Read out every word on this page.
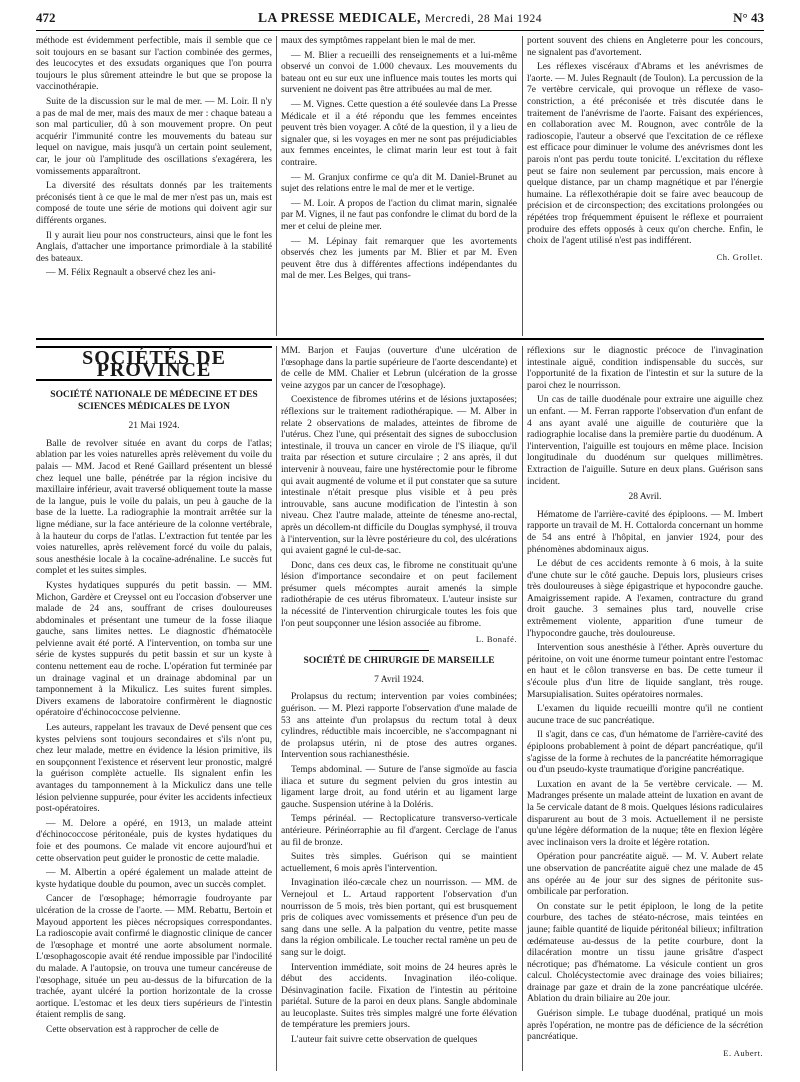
472	LA PRESSE MEDICALE, Mercredi, 28 Mai 1924	N° 43

méthode est évidemment perfectible, mais il semble que ce soit toujours en se basant sur l'action combinée des germes, des leucocytes et des exsudats organiques que l'on pourra toujours le plus sûrement atteindre le but que se propose la vaccinothérapie.

Suite de la discussion sur le mal de mer. — M. Loir. Il n'y a pas de mal de mer, mais des maux de mer : chaque bateau a son mal particulier, dû à son mouvement propre. On peut acquérir l'immunité contre les mouvements du bateau sur lequel on navigue, mais jusqu'à un certain point seulement, car, le jour où l'amplitude des oscillations s'exagérera, les vomissements apparaîtront.

La diversité des résultats donnés par les traitements préconisés tient à ce que le mal de mer n'est pas un, mais est composé de toute une série de motions qui doivent agir sur différents organes.

Il y aurait lieu pour nos constructeurs, ainsi que le font les Anglais, d'attacher une importance primordiale à la stabilité des bateaux.

— M. Félix Regnault a observé chez les ani-

maux des symptômes rappelant bien le mal de mer.

— M. Blier a recueilli des renseignements et a lui-même observé un convoi de 1.000 chevaux. Les mouvements du bateau ont eu sur eux une influence mais toutes les morts qui survenient ne doivent pas être attribuées au mal de mer.

— M. Vignes. Cette question a été soulevée dans La Presse Médicale et il a été répondu que les femmes enceintes peuvent très bien voyager. A côté de la question, il y a lieu de signaler que, si les voyages en mer ne sont pas préjudiciables aux femmes enceintes, le climat marin leur est tout à fait contraire.

— M. Granjux confirme ce qu'a dit M. Daniel-Brunet au sujet des relations entre le mal de mer et le vertige.

— M. Loir. A propos de l'action du climat marin, signalée par M. Vignes, il ne faut pas confondre le climat du bord de la mer et celui de pleine mer.

— M. Lépinay fait remarquer que les avortements observés chez les juments par M. Blier et par M. Even peuvent être dus à différentes affections indépendantes du mal de mer. Les Belges, qui trans-

portent souvent des chiens en Angleterre pour les concours, ne signalent pas d'avortement.

Les réflexes viscéraux d'Abrams et les anévrismes de l'aorte. — M. Jules Regnault (de Toulon). La percussion de la 7e vertèbre cervicale, qui provoque un réflexe de vaso-constriction, a été préconisée et très discutée dans le traitement de l'anévrisme de l'aorte. Faisant des expériences, en collaboration avec M. Rougnon, avec contrôle de la radioscopie, l'auteur a observé que l'excitation de ce réflexe est efficace pour diminuer le volume des anévrismes dont les parois n'ont pas perdu toute tonicité. L'excitation du réflexe peut se faire non seulement par percussion, mais encore à quelque distance, par un champ magnétique et par l'énergie humaine. La réflexothérapie doit se faire avec beaucoup de précision et de circonspection; des excitations prolongées ou répétées trop fréquemment épuisent le réflexe et pourraient produire des effets opposés à ceux qu'on cherche. Enfin, le choix de l'agent utilisé n'est pas indifférent.

Ch. Grollet.
SOCIÉTÉS DE PROVINCE
SOCIÉTÉ NATIONALE DE MÉDECINE ET DES SCIENCES MÉDICALES DE LYON
21 Mai 1924.

Balle de revolver située en avant du corps de l'atlas; ablation par les voies naturelles après relèvement du voile du palais — MM. Jacod et René Gaillard présentent un blessé chez lequel une balle, pénétrée par la région incisive du maxillaire inférieur, avait traversé obliquement toute la masse de la langue, puis le voile du palais, un peu à gauche de la base de la luette. La radiographie la montrait arrêtée sur la ligne médiane, sur la face antérieure de la colonne vertébrale, à la hauteur du corps de l'atlas. L'extraction fut tentée par les voies naturelles, après relèvement forcé du voile du palais, sous anesthésie locale à la cocaïne-adrénaline. Le succès fut complet et les suites simples.

Kystes hydatiques suppurés du petit bassin. — MM. Michon, Gardère et Creyssel ont eu l'occasion d'observer une malade de 24 ans, souffrant de crises douloureuses abdominales et présentant une tumeur de la fosse iliaque gauche, sans limites nettes. Le diagnostic d'hématocèle pelvienne avait été porté. A l'intervention, on tomba sur une série de kystes suppurés du petit bassin et sur un kyste à contenu nettement eau de roche. L'opération fut terminée par un drainage vaginal et un drainage abdominal par un tamponnement à la Mikulicz. Les suites furent simples. Divers examens de laboratoire confirmèrent le diagnostic opératoire d'échinococcose pelvienne.

Les auteurs, rappelant les travaux de Devé pensent que ces kystes pelviens sont toujours secondaires et s'ils n'ont pu, chez leur malade, mettre en évidence la lésion primitive, ils en soupçonnent l'existence et réservent leur pronostic, malgré la guérison complète actuelle. Ils signalent enfin les avantages du tamponnement à la Mickulicz dans une telle lésion pelvienne suppurée, pour éviter les accidents infectieux post-opératoires.

— M. Delore a opéré, en 1913, un malade atteint d'échinococcose péritonéale, puis de kystes hydatiques du foie et des poumons. Ce malade vit encore aujourd'hui et cette observation peut guider le pronostic de cette maladie.

— M. Albertin a opéré également un malade atteint de kyste hydatique double du poumon, avec un succès complet.

Cancer de l'œsophage; hémorragie foudroyante par ulcération de la crosse de l'aorte. — MM. Rebattu, Bertoin et Mayoud apportent les pièces nécropsiques correspondantes. La radioscopie avait confirmé le diagnostic clinique de cancer de l'œsophage et montré une aorte absolument normale. L'œsophagoscopie avait été rendue impossible par l'indocilité du malade. A l'autopsie, on trouva une tumeur cancéreuse de l'œsophage, située un peu au-dessus de la bifurcation de la trachée, ayant ulcéré la portion horizontale de la crosse aortique. L'estomac et les deux tiers supérieurs de l'intestin étaient remplis de sang.

Cette observation est à rapprocher de celle de

MM. Barjon et Faujas (ouverture d'une ulcération de l'œsophage dans la partie supérieure de l'aorte descendante) et de celle de MM. Chalier et Lebrun (ulcération de la grosse veine azygos par un cancer de l'œsophage).

Coexistence de fibromes utérins et de lésions juxtaposées; réflexions sur le traitement radiothérapique. — M. Alber in relate 2 observations de malades, atteintes de fibrome de l'utérus. Chez l'une, qui présentait des signes de subocclusion intestinale, il trouva un cancer en virole de l'S iliaque, qu'il traita par résection et suture circulaire ; 2 ans après, il dut intervenir à nouveau, faire une hystérectomie pour le fibrome qui avait augmenté de volume et il put constater que sa suture intestinale n'était presque plus visible et à peu près introuvable, sans aucune modification de l'intestin à son niveau. Chez l'autre malade, atteinte de ténesme ano-rectal, après un décollem-nt difficile du Douglas symphysé, il trouva à l'intervention, sur la lèvre postérieure du col, des ulcérations qui avaient gagné le cul-de-sac.

Donc, dans ces deux cas, le fibrome ne constituait qu'une lésion d'importance secondaire et on peut facilement présumer quels mécomptes aurait amenés la simple radiothérapie de ces utérus fibromateux. L'auteur insiste sur la nécessité de l'intervention chirurgicale toutes les fois que l'on peut soupçonner une lésion associée au fibrome.

L. Bonafé.
SOCIÉTÉ DE CHIRURGIE DE MARSEILLE
7 Avril 1924.

Prolapsus du rectum; intervention par voies combinées; guérison. — M. Plezi rapporte l'observation d'une malade de 53 ans atteinte d'un prolapsus du rectum total à deux cylindres, réductible mais incoercible, ne s'accompagnant ni de prolapsus utérin, ni de ptose des autres organes. Intervention sous rachianesthésie.

Temps abdominal. — Suture de l'anse sigmoïde au fascia iliaca et suture du segment pelvien du gros intestin au ligament large droit, au fond utérin et au ligament large gauche. Suspension utérine à la Doléris.

Temps périnéal. — Rectoplicature transverso-verticale antérieure. Périnéorraphie au fil d'argent. Cerclage de l'anus au fil de bronze.

Suites très simples. Guérison qui se maintient actuellement, 6 mois après l'intervention.

Invagination iléo-cæcale chez un nourrisson. — MM. de Vernejoul et L. Artaud rapportent l'observation d'un nourrisson de 5 mois, très bien portant, qui est brusquement pris de coliques avec vomissements et présence d'un peu de sang dans une selle. A la palpation du ventre, petite masse dans la région ombilicale. Le toucher rectal ramène un peu de sang sur le doigt.

Intervention immédiate, soit moins de 24 heures après le début des accidents. Invagination iléo-colique. Désinvagination facile. Fixation de l'intestin au péritoine pariétal. Suture de la paroi en deux plans. Sangle abdominale au leucoplaste. Suites très simples malgré une forte élévation de température les premiers jours.

L'auteur fait suivre cette observation de quelques

réflexions sur le diagnostic précoce de l'invagination intestinale aiguë, condition indispensable du succès, sur l'opportunité de la fixation de l'intestin et sur la suture de la paroi chez le nourrisson.

Un cas de taille duodénale pour extraire une aiguille chez un enfant. — M. Ferran rapporte l'observation d'un enfant de 4 ans ayant avalé une aiguille de couturière que la radiographie localise dans la première partie du duodénum. A l'intervention, l'aiguille est toujours en même place. Incision longitudinale du duodénum sur quelques millimètres. Extraction de l'aiguille. Suture en deux plans. Guérison sans incident.

28 Avril.

Hématome de l'arrière-cavité des épiploons. — M. Imbert rapporte un travail de M. H. Cottalorda concernant un homme de 54 ans entré à l'hôpital, en janvier 1924, pour des phénomènes abdominaux aigus.

Le début de ces accidents remonte à 6 mois, à la suite d'une chute sur le côté gauche. Depuis lors, plusieurs crises très douloureuses à siège épigastrique et hypocondre gauche. Amaigrissement rapide. A l'examen, contracture du grand droit gauche. 3 semaines plus tard, nouvelle crise extrêmement violente, apparition d'une tumeur de l'hypocondre gauche, très douloureuse.

Intervention sous anesthésie à l'éther. Après ouverture du péritoine, on voit une énorme tumeur pointant entre l'estomac en haut et le côlon transverse en bas. De cette tumeur il s'écoule plus d'un litre de liquide sanglant, très rouge. Marsupialisation. Suites opératoires normales.

L'examen du liquide recueilli montre qu'il ne contient aucune trace de suc pancréatique.

Il s'agit, dans ce cas, d'un hématome de l'arrière-cavité des épiploons probablement à point de départ pancréatique, qu'il s'agisse de la forme à rechutes de la pancréatite hémorragique ou d'un pseudo-kyste traumatique d'origine pancréatique.

Luxation en avant de la 5e vertèbre cervicale. — M. Madranges présente un malade atteint de luxation en avant de la 5e cervicale datant de 8 mois. Quelques lésions radiculaires disparurent au bout de 3 mois. Actuellement il ne persiste qu'une légère déformation de la nuque; tête en flexion légère avec inclinaison vers la droite et légère rotation.

Opération pour pancréatite aiguë. — M. V. Aubert relate une observation de pancréatite aiguë chez une malade de 45 ans opérée au 4e jour sur des signes de péritonite sus-ombilicale par perforation.

On constate sur le petit épiploon, le long de la petite courbure, des taches de stéato-nécrose, mais teintées en jaune; faible quantité de liquide péritonéal bilieux; infiltration œdémateuse au-dessus de la petite courbure, dont la dilacération montre un tissu jaune grisâtre d'aspect nécrotique; pas d'hématome. La vésicule contient un gros calcul. Cholécystectomie avec drainage des voies biliaires; drainage par gaze et drain de la zone pancréatique ulcérée. Ablation du drain biliaire au 20e jour.

Guérison simple. Le tubage duodénal, pratiqué un mois après l'opération, ne montre pas de déficience de la sécrétion pancréatique.

E. Aubert.
